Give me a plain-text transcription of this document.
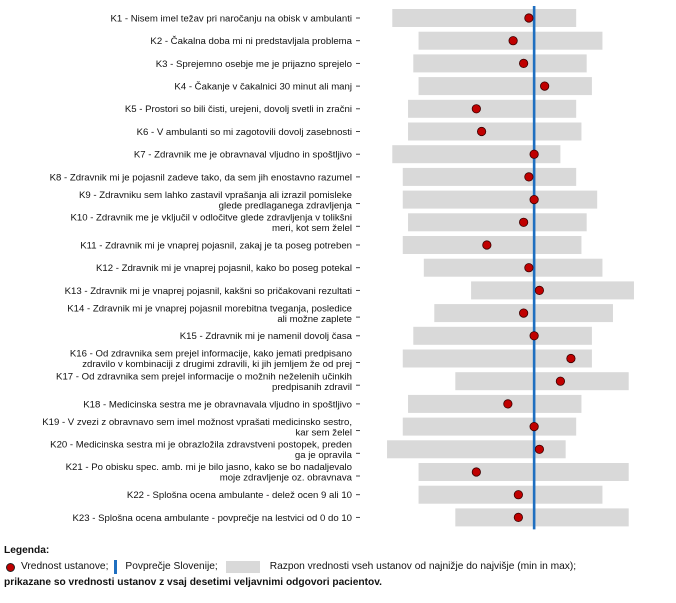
K1 - Nisem imel težav pri naročanju na obisk v ambulanti
K2 - Čakalna doba mi ni predstavljala problema
K3 - Sprejemno osebje me je prijazno sprejelo
K4 - Čakanje v čakalnici 30 minut ali manj
K5 - Prostori so bili čisti, urejeni, dovolj svetli in zračni
K6 - V ambulanti so mi zagotovili dovolj zasebnosti
K7 - Zdravnik me je obravnaval vljudno in spoštljivo
K8 - Zdravnik mi je pojasnil zadeve tako, da sem jih enostavno razumel
K9 - Zdravniku sem lahko zastavil vprašanja ali izrazil pomisleke
glede predlaganega zdravljenja
K10 - Zdravnik me je vključil v odločitve glede zdravljenja v tolikšni
meri, kot sem želel
K11 - Zdravnik mi je vnaprej pojasnil, zakaj je ta poseg potreben
K12 - Zdravnik mi je vnaprej pojasnil, kako bo poseg potekal
K13 - Zdravnik mi je vnaprej pojasnil, kakšni so pričakovani rezultati
K14 - Zdravnik mi je vnaprej pojasnil morebitna tveganja, posledice
ali možne zaplete
K15 - Zdravnik mi je namenil dovolj časa
K16 - Od zdravnika sem prejel informacije, kako jemati predpisano
zdravilo v kombinaciji z drugimi zdravili, ki jih jemljem že od prej
K17 - Od zdravnika sem prejel informacije o možnih neželenih učinkih
predpisanih zdravil
K18 - Medicinska sestra me je obravnavala vljudno in spoštljivo
K19 - V zvezi z obravnavo sem imel možnost vprašati medicinsko sestro,
kar sem želel
K20 - Medicinska sestra mi je obrazložila zdravstveni postopek, preden
ga je opravila
K21 - Po obisku spec. amb. mi je bilo jasno, kako se bo nadaljevalo
moje zdravljenje oz. obravnava
K22 - Splošna ocena ambulante - delež ocen 9 ali 10
K23 - Splošna ocena ambulante - povprečje na lestvici od 0 do 10
Legenda:
Vrednost ustanove; Povprečje Slovenije;	Razpon vrednosti vseh ustanov od najnižje do najvišje (min in max);
prikazane so vrednosti ustanov z vsaj desetimi veljavnimi odgovori pacientov.
